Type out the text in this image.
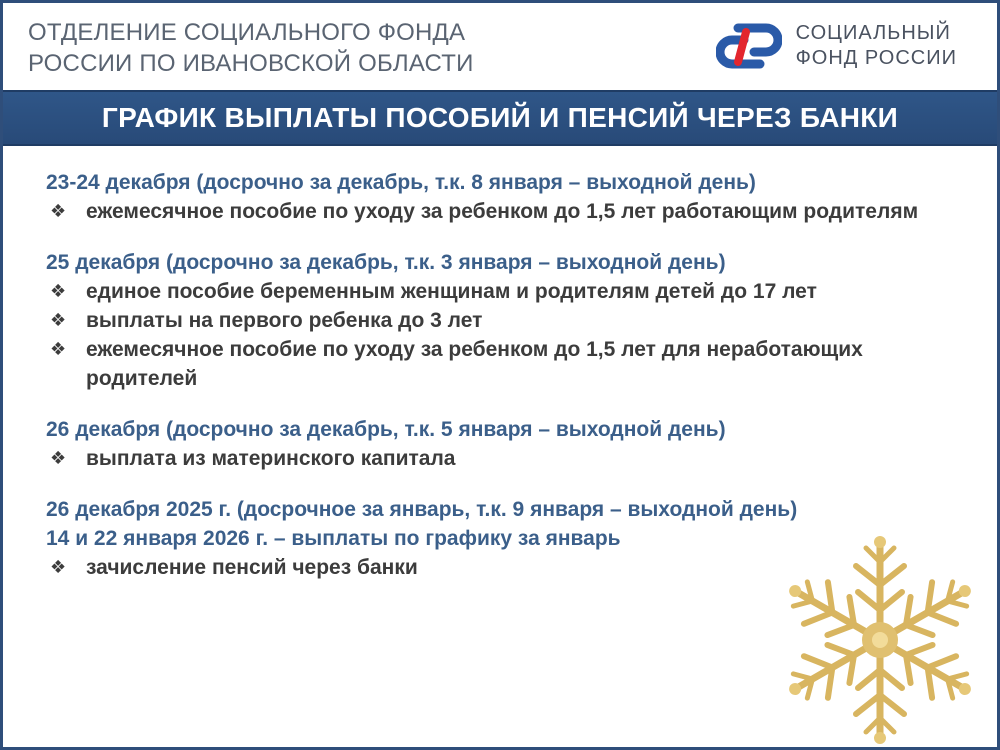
ОТДЕЛЕНИЕ СОЦИАЛЬНОГО ФОНДА
РОССИИ ПО ИВАНОВСКОЙ ОБЛАСТИ
СОЦИАЛЬНЫЙ
ФОНД РОССИИ
ГРАФИК ВЫПЛАТЫ ПОСОБИЙ И ПЕНСИЙ ЧЕРЕЗ БАНКИ
23-24 декабря (досрочно за декабрь, т.к. 8 января – выходной день)
❖ ежемесячное пособие по уходу за ребенком до 1,5 лет работающим родителям
25 декабря (досрочно за декабрь, т.к. 3 января – выходной день)
❖ единое пособие беременным женщинам и родителям детей до 17 лет
❖ выплаты на первого ребенка до 3 лет
❖ ежемесячное пособие по уходу за ребенком до 1,5 лет для неработающих родителей
26 декабря (досрочно за декабрь, т.к. 5 января – выходной день)
❖ выплата из материнского капитала
26 декабря 2025 г. (досрочное за январь, т.к. 9 января – выходной день)
14 и 22 января 2026 г. – выплаты по графику за январь
❖ зачисление пенсий через банки
